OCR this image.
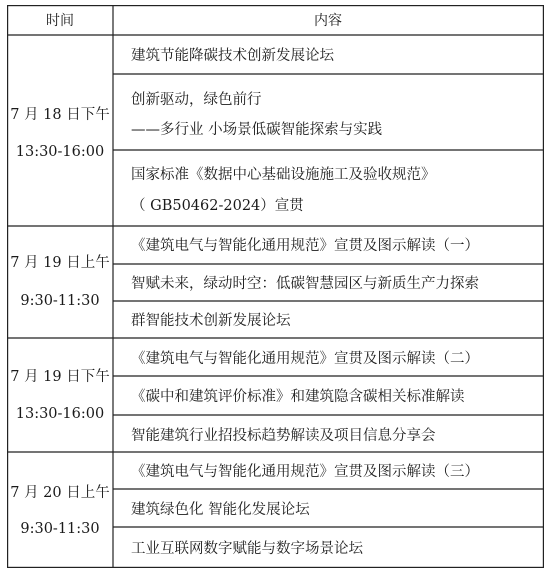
时间	内容
7 月 18 日下午
13:30-16:00
建筑节能降碳技术创新发展论坛
创新驱动，绿色前行
——多行业 小场景低碳智能探索与实践
国家标准《数据中心基础设施施工及验收规范》
（ GB50462-2024）宣贯
7 月 19 日上午
9:30-11:30
《建筑电气与智能化通用规范》宣贯及图示解读（一）
智赋未来，绿动时空：低碳智慧园区与新质生产力探索
群智能技术创新发展论坛
7 月 19 日下午
13:30-16:00
《建筑电气与智能化通用规范》宣贯及图示解读（二）
《碳中和建筑评价标准》和建筑隐含碳相关标准解读
智能建筑行业招投标趋势解读及项目信息分享会
7 月 20 日上午
9:30-11:30
《建筑电气与智能化通用规范》宣贯及图示解读（三）
建筑绿色化 智能化发展论坛
工业互联网数字赋能与数字场景论坛
